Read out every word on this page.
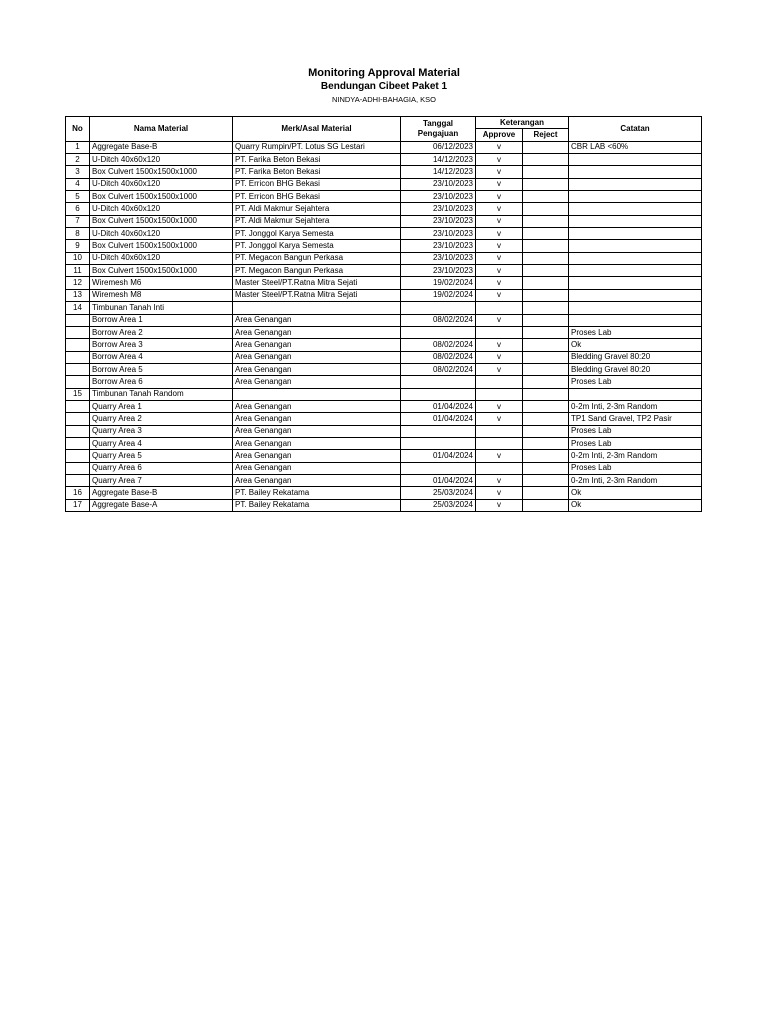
Monitoring Approval Material
Bendungan Cibeet Paket 1
NINDYA-ADHI-BAHAGIA, KSO
No	Nama Material	Merk/Asal Material	Tanggal
Pengajuan	Keterangan		Catatan
				Approve	Reject	
1	Aggregate Base-B	Quarry Rumpin/PT. Lotus SG Lestari	06/12/2023	v		CBR LAB <60%
2	U-Ditch 40x60x120	PT. Farika Beton Bekasi	14/12/2023	v		
3	Box Culvert 1500x1500x1000	PT. Farika Beton Bekasi	14/12/2023	v		
4	U-Ditch 40x60x120	PT. Erricon BHG Bekasi	23/10/2023	v		
5	Box Culvert 1500x1500x1000	PT. Erricon BHG Bekasi	23/10/2023	v		
6	U-Ditch 40x60x120	PT. Aldi Makmur Sejahtera	23/10/2023	v		
7	Box Culvert 1500x1500x1000	PT. Aldi Makmur Sejahtera	23/10/2023	v		
8	U-Ditch 40x60x120	PT. Jonggol Karya Semesta	23/10/2023	v		
9	Box Culvert 1500x1500x1000	PT. Jonggol Karya Semesta	23/10/2023	v		
10	U-Ditch 40x60x120	PT. Megacon Bangun Perkasa	23/10/2023	v		
11	Box Culvert 1500x1500x1000	PT. Megacon Bangun Perkasa	23/10/2023	v		
12	Wiremesh M6	Master Steel/PT.Ratna Mitra Sejati	19/02/2024	v		
13	Wiremesh M8	Master Steel/PT.Ratna Mitra Sejati	19/02/2024	v		
14	Timbunan Tanah Inti					
	Borrow Area 1	Area Genangan	08/02/2024	v		
	Borrow Area 2	Area Genangan				Proses Lab
	Borrow Area 3	Area Genangan	08/02/2024	v		Ok
	Borrow Area 4	Area Genangan	08/02/2024	v		Bledding Gravel 80:20
	Borrow Area 5	Area Genangan	08/02/2024	v		Bledding Gravel 80:20
	Borrow Area 6	Area Genangan				Proses Lab
15	Timbunan Tanah Random					
	Quarry Area 1	Area Genangan	01/04/2024	v		0-2m Inti, 2-3m Random
	Quarry Area 2	Area Genangan	01/04/2024	v		TP1 Sand Gravel, TP2 Pasir
	Quarry Area 3	Area Genangan				Proses Lab
	Quarry Area 4	Area Genangan				Proses Lab
	Quarry Area 5	Area Genangan	01/04/2024	v		0-2m Inti, 2-3m Random
	Quarry Area 6	Area Genangan				Proses Lab
	Quarry Area 7	Area Genangan	01/04/2024	v		0-2m Inti, 2-3m Random
16	Aggregate Base-B	PT. Bailey Rekatama	25/03/2024	v		Ok
17	Aggregate Base-A	PT. Bailey Rekatama	25/03/2024	v		Ok
